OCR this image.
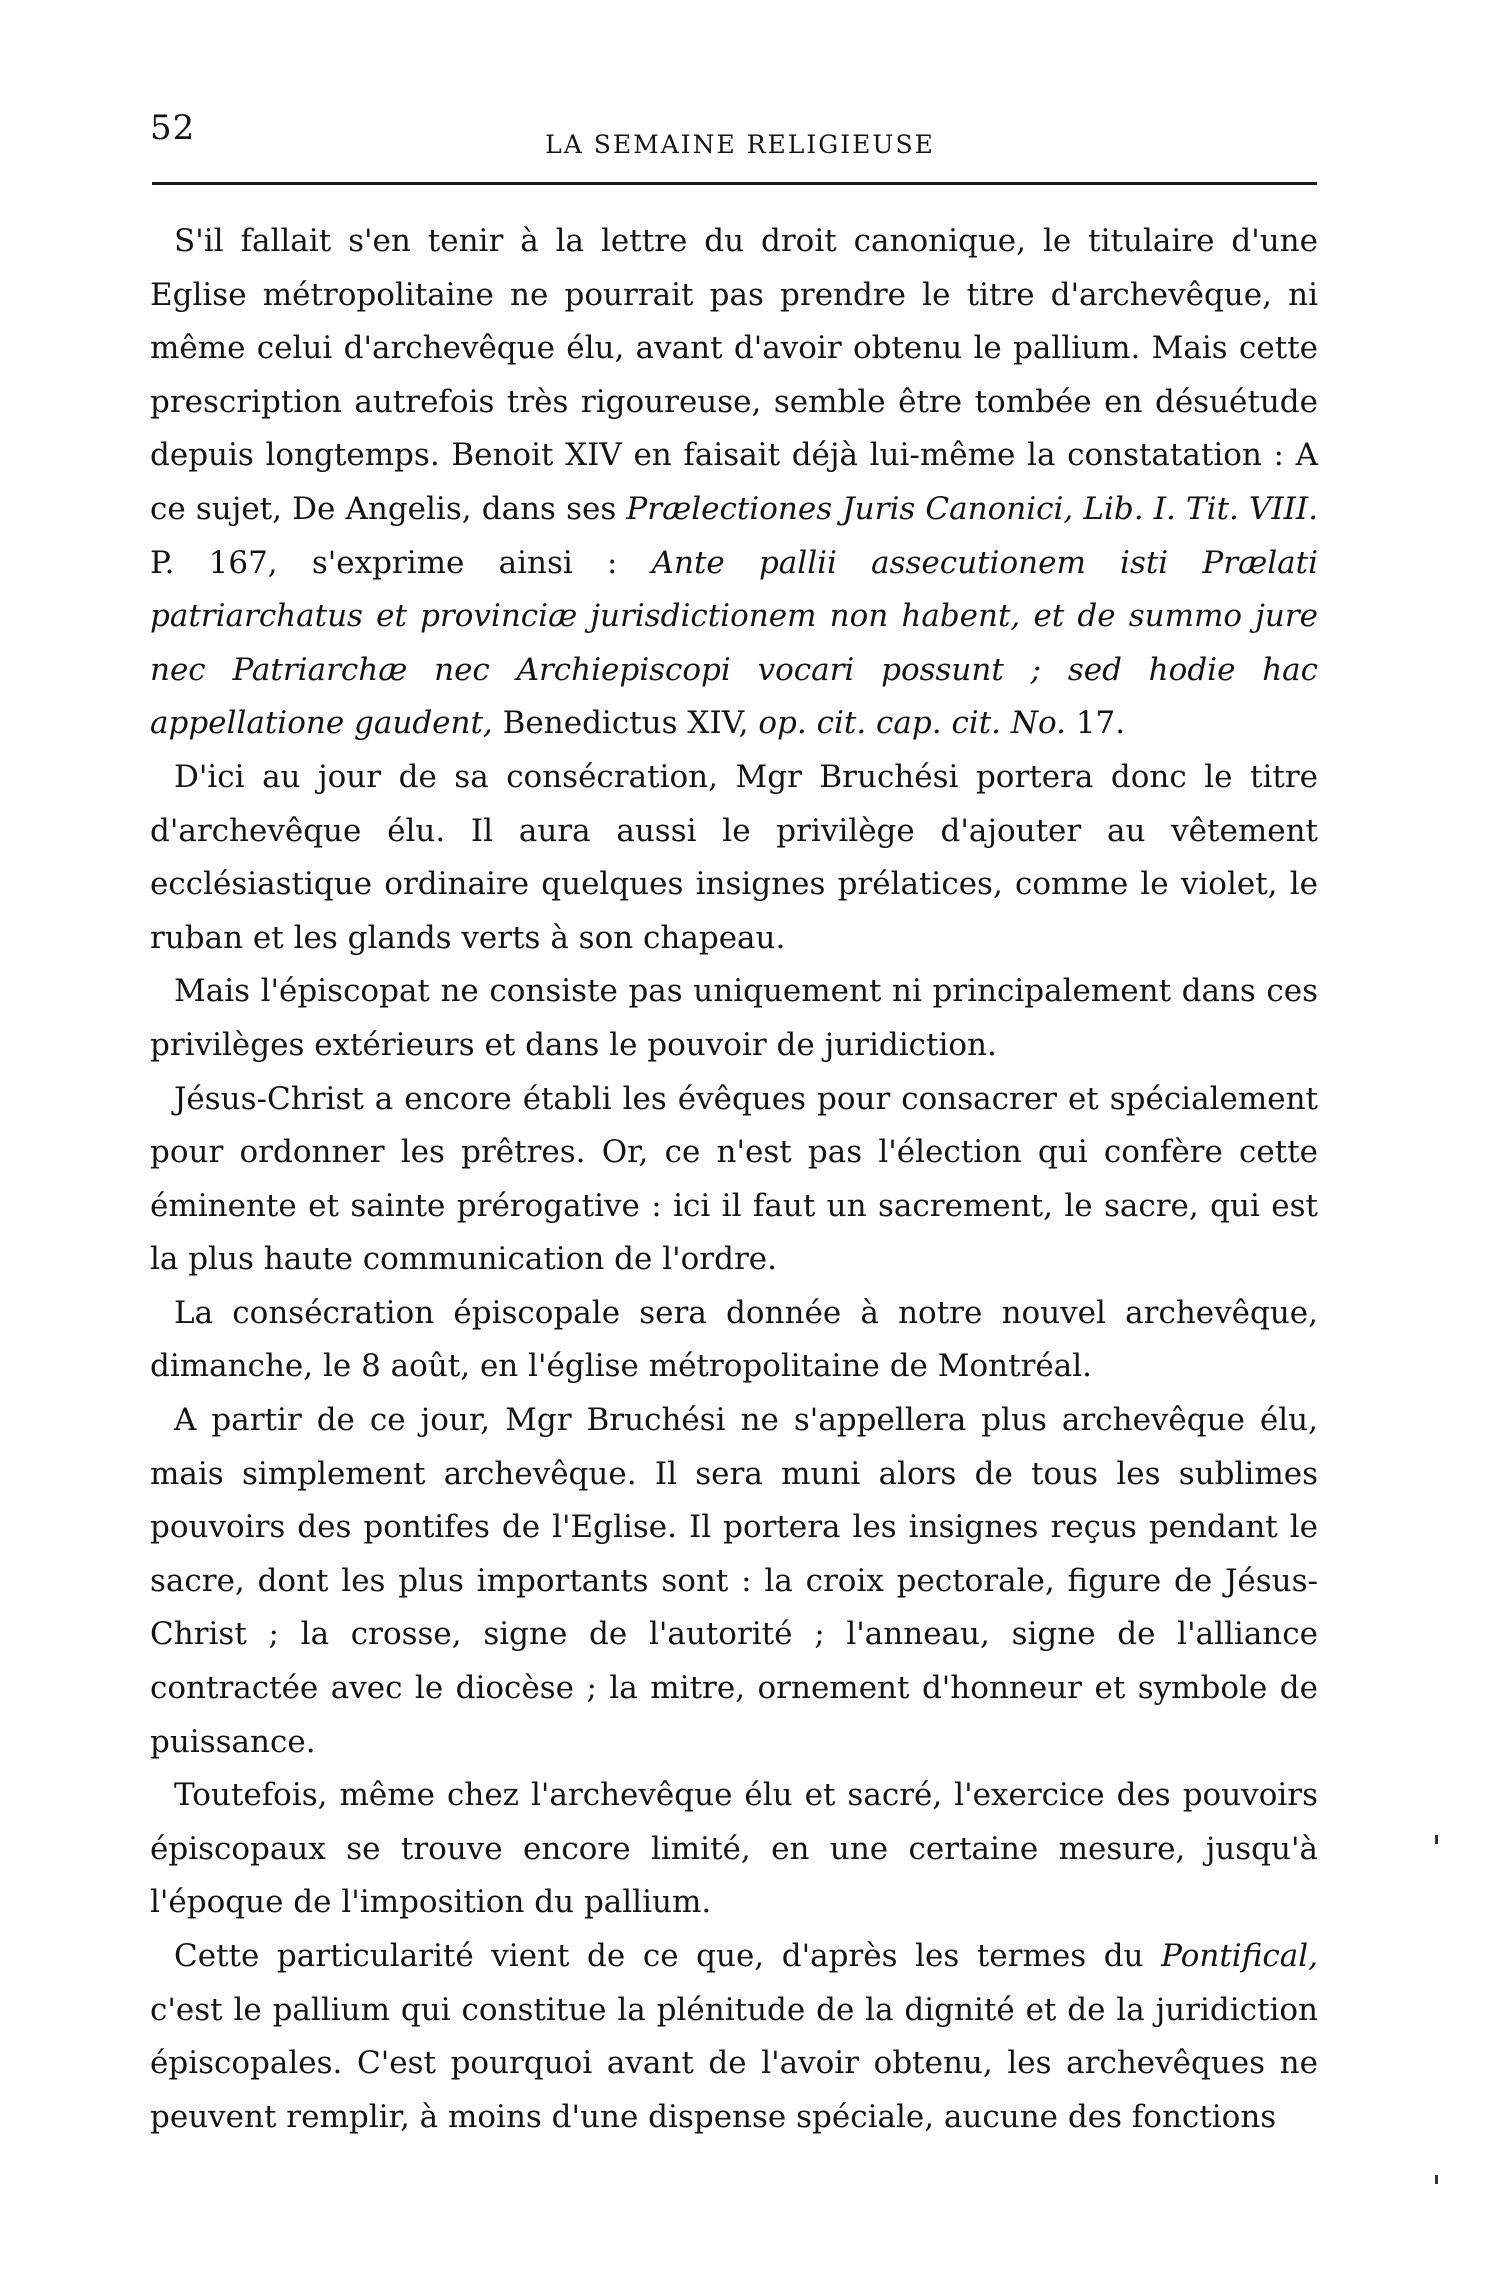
52	LA SEMAINE RELIGIEUSE

S'il fallait s'en tenir à la lettre du droit canonique, le titulaire d'une Eglise métropolitaine ne pourrait pas prendre le titre d'archevêque, ni même celui d'archevêque élu, avant d'avoir obtenu le pallium. Mais cette prescription autrefois très rigoureuse, semble être tombée en désuétude depuis longtemps. Benoit XIV en faisait déjà lui-même la constatation : A ce sujet, De Angelis, dans ses Prælectiones Juris Canonici, Lib. I. Tit. VIII. P. 167, s'exprime ainsi : Ante pallii assecutionem isti Prælati patriarchatus et provinciæ jurisdictionem non habent, et de summo jure nec Patriarchæ nec Archiepiscopi vocari possunt ; sed hodie hac appellatione gaudent, Benedictus XIV, op. cit. cap. cit. No. 17.

D'ici au jour de sa consécration, Mgr Bruchési portera donc le titre d'archevêque élu. Il aura aussi le privilège d'ajouter au vêtement ecclésiastique ordinaire quelques insignes prélatices, comme le violet, le ruban et les glands verts à son chapeau.

Mais l'épiscopat ne consiste pas uniquement ni principalement dans ces privilèges extérieurs et dans le pouvoir de juridiction.

Jésus-Christ a encore établi les évêques pour consacrer et spécialement pour ordonner les prêtres. Or, ce n'est pas l'élection qui confère cette éminente et sainte prérogative : ici il faut un sacrement, le sacre, qui est la plus haute communication de l'ordre.

La consécration épiscopale sera donnée à notre nouvel archevêque, dimanche, le 8 août, en l'église métropolitaine de Montréal.

A partir de ce jour, Mgr Bruchési ne s'appellera plus archevêque élu, mais simplement archevêque. Il sera muni alors de tous les sublimes pouvoirs des pontifes de l'Eglise. Il portera les insignes reçus pendant le sacre, dont les plus importants sont : la croix pectorale, figure de Jésus-Christ ; la crosse, signe de l'autorité ; l'anneau, signe de l'alliance contractée avec le diocèse ; la mitre, ornement d'honneur et symbole de puissance.

Toutefois, même chez l'archevêque élu et sacré, l'exercice des pouvoirs épiscopaux se trouve encore limité, en une certaine mesure, jusqu'à l'époque de l'imposition du pallium.

Cette particularité vient de ce que, d'après les termes du Pontifical, c'est le pallium qui constitue la plénitude de la dignité et de la juridiction épiscopales. C'est pourquoi avant de l'avoir obtenu, les archevêques ne peuvent remplir, à moins d'une dispense spéciale, aucune des fonctions
